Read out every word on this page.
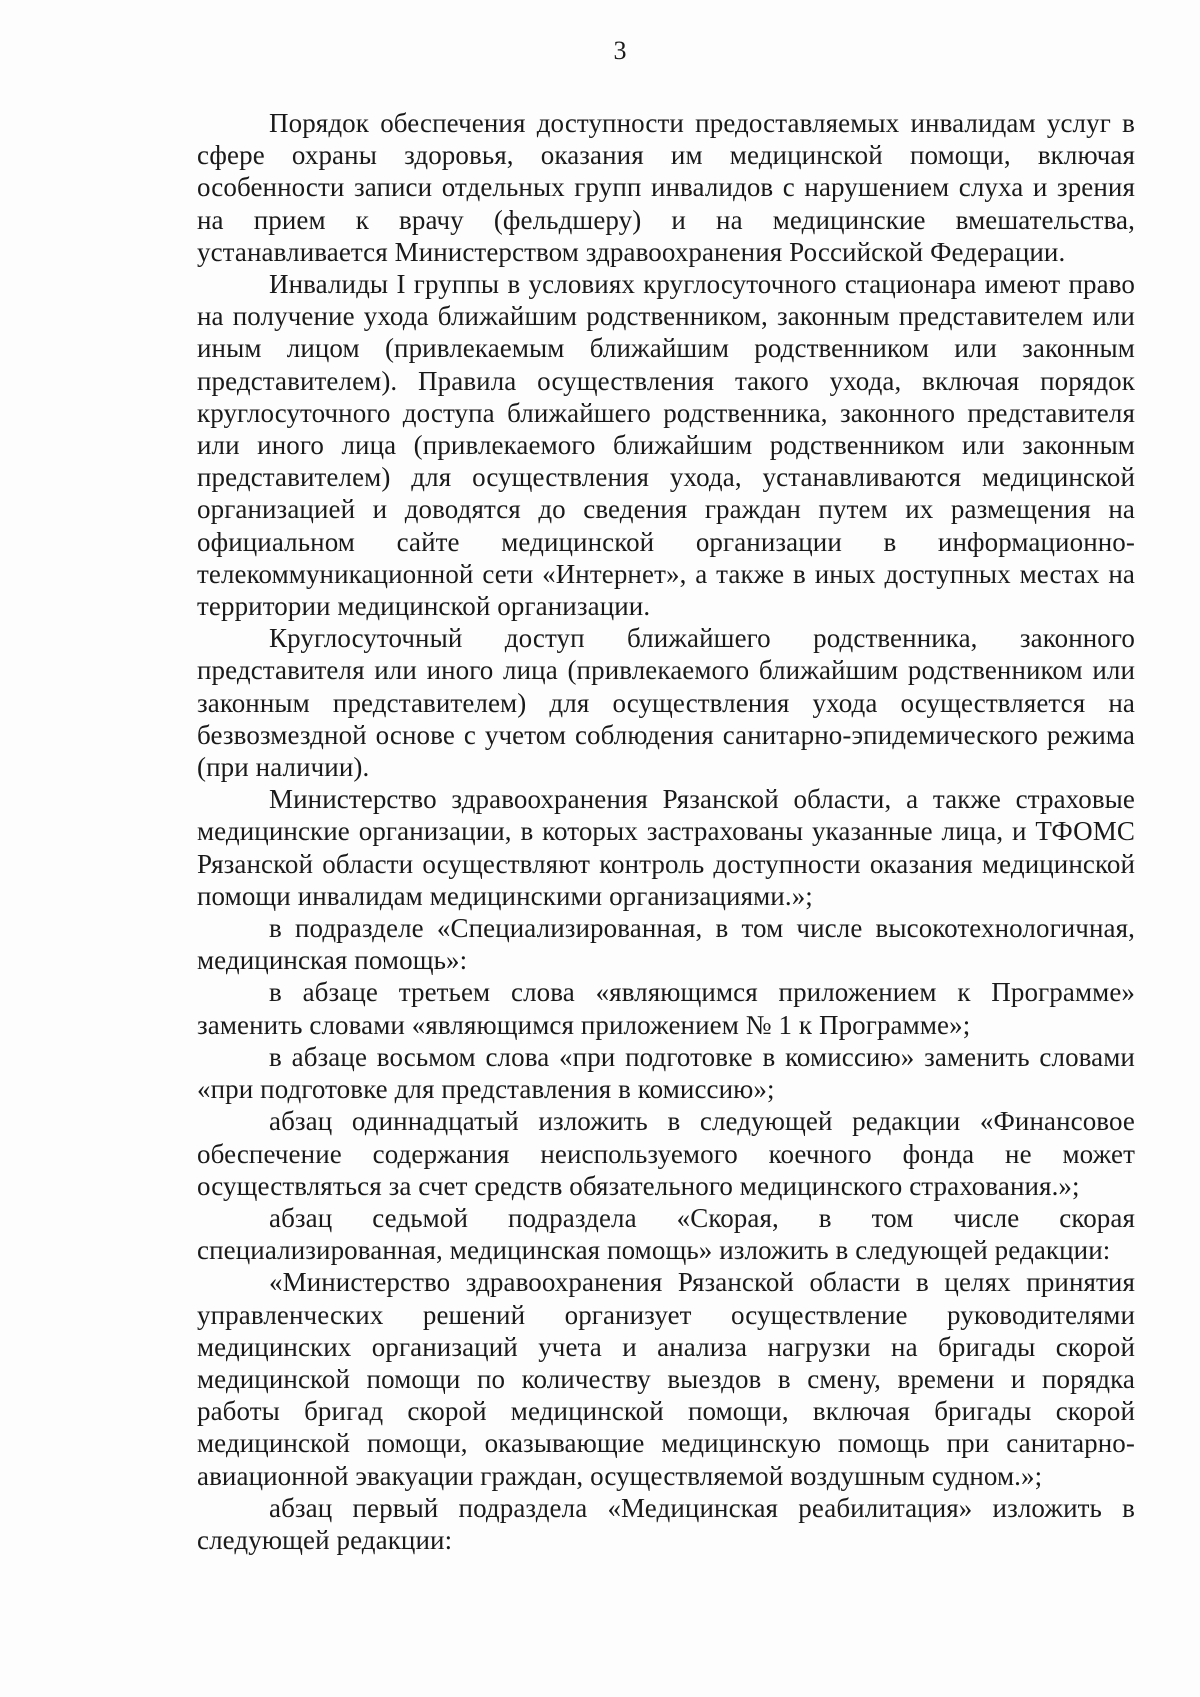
3

Порядок обеспечения доступности предоставляемых инвалидам услуг в сфере охраны здоровья, оказания им медицинской помощи, включая особенности записи отдельных групп инвалидов с нарушением слуха и зрения на прием к врачу (фельдшеру) и на медицинские вмешательства, устанавливается Министерством здравоохранения Российской Федерации.

Инвалиды I группы в условиях круглосуточного стационара имеют право на получение ухода ближайшим родственником, законным представителем или иным лицом (привлекаемым ближайшим родственником или законным представителем). Правила осуществления такого ухода, включая порядок круглосуточного доступа ближайшего родственника, законного представителя или иного лица (привлекаемого ближайшим родственником или законным представителем) для осуществления ухода, устанавливаются медицинской организацией и доводятся до сведения граждан путем их размещения на официальном сайте медицинской организации в информационно-телекоммуникационной сети «Интернет», а также в иных доступных местах на территории медицинской организации.

Круглосуточный доступ ближайшего родственника, законного представителя или иного лица (привлекаемого ближайшим родственником или законным представителем) для осуществления ухода осуществляется на безвозмездной основе с учетом соблюдения санитарно-эпидемического режима (при наличии).

Министерство здравоохранения Рязанской области, а также страховые медицинские организации, в которых застрахованы указанные лица, и ТФОМС Рязанской области осуществляют контроль доступности оказания медицинской помощи инвалидам медицинскими организациями.»;

в подразделе «Специализированная, в том числе высокотехнологичная, медицинская помощь»:

в абзаце третьем слова «являющимся приложением к Программе» заменить словами «являющимся приложением № 1 к Программе»;

в абзаце восьмом слова «при подготовке в комиссию» заменить словами «при подготовке для представления в комиссию»;

абзац одиннадцатый изложить в следующей редакции «Финансовое обеспечение содержания неиспользуемого коечного фонда не может осуществляться за счет средств обязательного медицинского страхования.»;

абзац седьмой подраздела «Скорая, в том числе скорая специализированная, медицинская помощь» изложить в следующей редакции:

«Министерство здравоохранения Рязанской области в целях принятия управленческих решений организует осуществление руководителями медицинских организаций учета и анализа нагрузки на бригады скорой медицинской помощи по количеству выездов в смену, времени и порядка работы бригад скорой медицинской помощи, включая бригады скорой медицинской помощи, оказывающие медицинскую помощь при санитарно-авиационной эвакуации граждан, осуществляемой воздушным судном.»;

абзац первый подраздела «Медицинская реабилитация» изложить в следующей редакции:
